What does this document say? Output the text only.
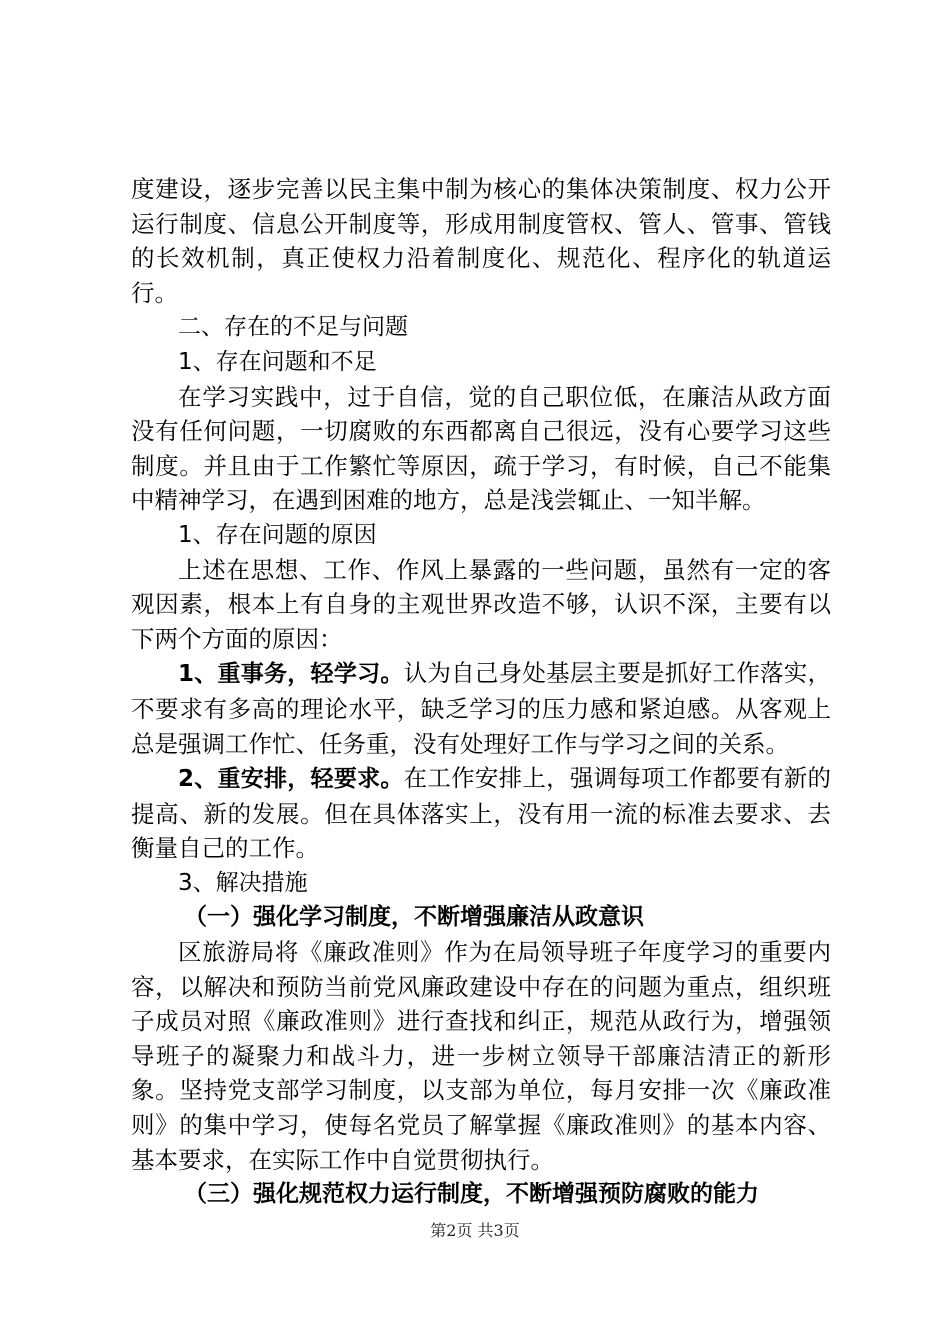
度建设，逐步完善以民主集中制为核心的集体决策制度、权力公开运行制度、信息公开制度等，形成用制度管权、管人、管事、管钱的长效机制，真正使权力沿着制度化、规范化、程序化的轨道运行。

二、存在的不足与问题

1、存在问题和不足

在学习实践中，过于自信，觉的自己职位低，在廉洁从政方面没有任何问题，一切腐败的东西都离自己很远，没有心要学习这些制度。并且由于工作繁忙等原因，疏于学习，有时候，自己不能集中精神学习，在遇到困难的地方，总是浅尝辄止、一知半解。

1、存在问题的原因

上述在思想、工作、作风上暴露的一些问题，虽然有一定的客观因素，根本上有自身的主观世界改造不够，认识不深，主要有以下两个方面的原因：

1、重事务，轻学习。认为自己身处基层主要是抓好工作落实，不要求有多高的理论水平，缺乏学习的压力感和紧迫感。从客观上总是强调工作忙、任务重，没有处理好工作与学习之间的关系。

2、重安排，轻要求。在工作安排上，强调每项工作都要有新的提高、新的发展。但在具体落实上，没有用一流的标准去要求、去衡量自己的工作。

3、解决措施

（一）强化学习制度，不断增强廉洁从政意识

区旅游局将《廉政准则》作为在局领导班子年度学习的重要内容，以解决和预防当前党风廉政建设中存在的问题为重点，组织班子成员对照《廉政准则》进行查找和纠正，规范从政行为，增强领导班子的凝聚力和战斗力，进一步树立领导干部廉洁清正的新形象。坚持党支部学习制度，以支部为单位，每月安排一次《廉政准则》的集中学习，使每名党员了解掌握《廉政准则》的基本内容、基本要求，在实际工作中自觉贯彻执行。

（三）强化规范权力运行制度，不断增强预防腐败的能力

第2页 共3页
